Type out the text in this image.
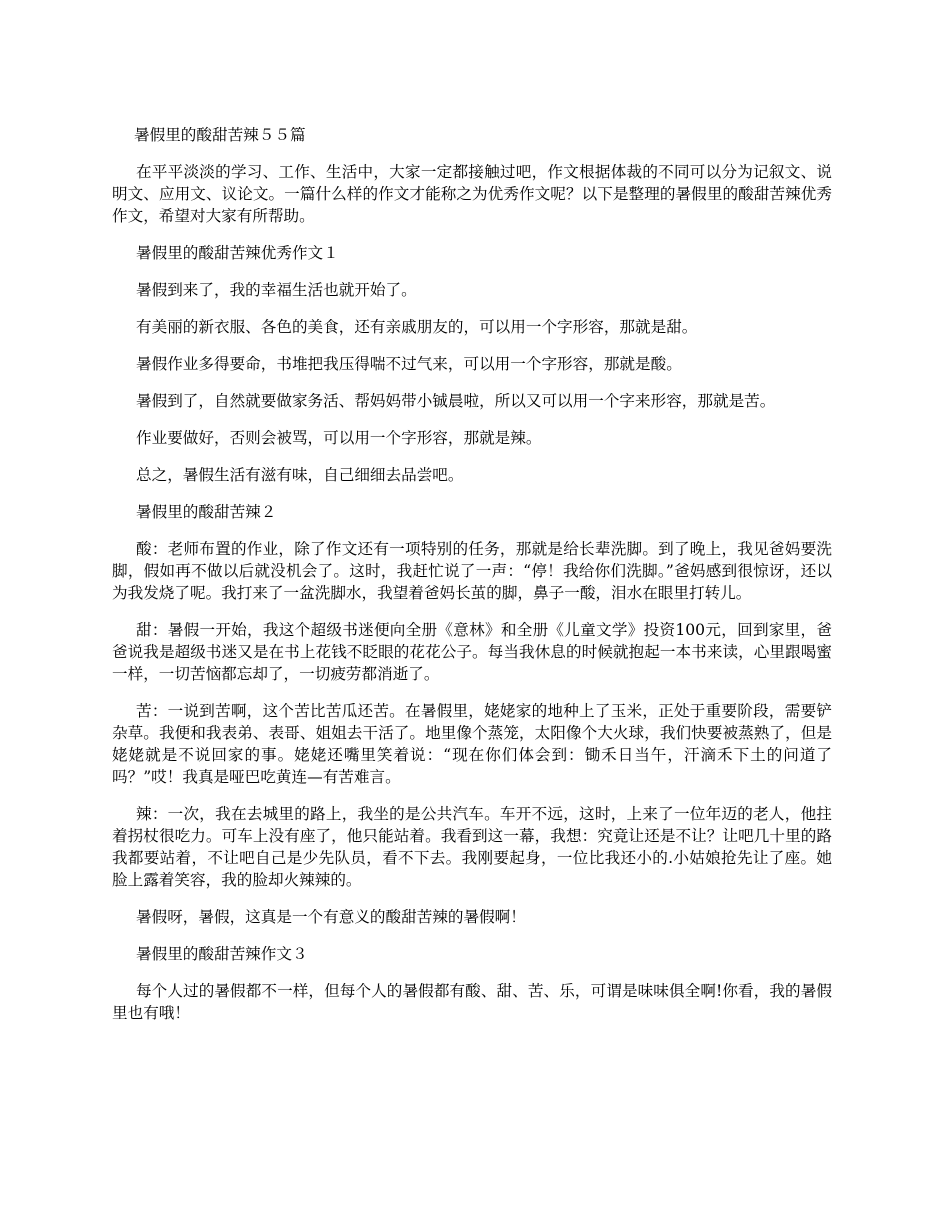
暑假里的酸甜苦辣５５篇

在平平淡淡的学习、工作、生活中，大家一定都接触过吧，作文根据体裁的不同可以分为记叙文、说明文、应用文、议论文。一篇什么样的作文才能称之为优秀作文呢？以下是整理的暑假里的酸甜苦辣优秀作文，希望对大家有所帮助。

暑假里的酸甜苦辣优秀作文１

暑假到来了，我的幸福生活也就开始了。

有美丽的新衣服、各色的美食，还有亲戚朋友的，可以用一个字形容，那就是甜。

暑假作业多得要命，书堆把我压得喘不过气来，可以用一个字形容，那就是酸。

暑假到了，自然就要做家务活、帮妈妈带小铖晨啦，所以又可以用一个字来形容，那就是苦。

作业要做好，否则会被骂，可以用一个字形容，那就是辣。

总之，暑假生活有滋有味，自己细细去品尝吧。

暑假里的酸甜苦辣２

酸：老师布置的作业，除了作文还有一项特别的任务，那就是给长辈洗脚。到了晚上，我见爸妈要洗脚，假如再不做以后就没机会了。这时，我赶忙说了一声：“停！我给你们洗脚。”爸妈感到很惊讶，还以为我发烧了呢。我打来了一盆洗脚水，我望着爸妈长茧的脚，鼻子一酸，泪水在眼里打转儿。

甜：暑假一开始，我这个超级书迷便向全册《意林》和全册《儿童文学》投资100元，回到家里，爸爸说我是超级书迷又是在书上花钱不眨眼的花花公子。每当我休息的时候就抱起一本书来读，心里跟喝蜜一样，一切苦恼都忘却了，一切疲劳都消逝了。

苦：一说到苦啊，这个苦比苦瓜还苦。在暑假里，姥姥家的地种上了玉米，正处于重要阶段，需要铲杂草。我便和我表弟、表哥、姐姐去干活了。地里像个蒸笼，太阳像个大火球，我们快要被蒸熟了，但是姥姥就是不说回家的事。姥姥还嘴里笑着说：“现在你们体会到：锄禾日当午，汗滴禾下土的问道了吗？”哎！我真是哑巴吃黄连—有苦难言。

辣：一次，我在去城里的路上，我坐的是公共汽车。车开不远，这时，上来了一位年迈的老人，他拄着拐杖很吃力。可车上没有座了，他只能站着。我看到这一幕，我想：究竟让还是不让？让吧几十里的路我都要站着，不让吧自己是少先队员，看不下去。我刚要起身，一位比我还小的.小姑娘抢先让了座。她脸上露着笑容，我的脸却火辣辣的。

暑假呀，暑假，这真是一个有意义的酸甜苦辣的暑假啊！

暑假里的酸甜苦辣作文３

每个人过的暑假都不一样，但每个人的暑假都有酸、甜、苦、乐，可谓是味味俱全啊!你看，我的暑假里也有哦！
